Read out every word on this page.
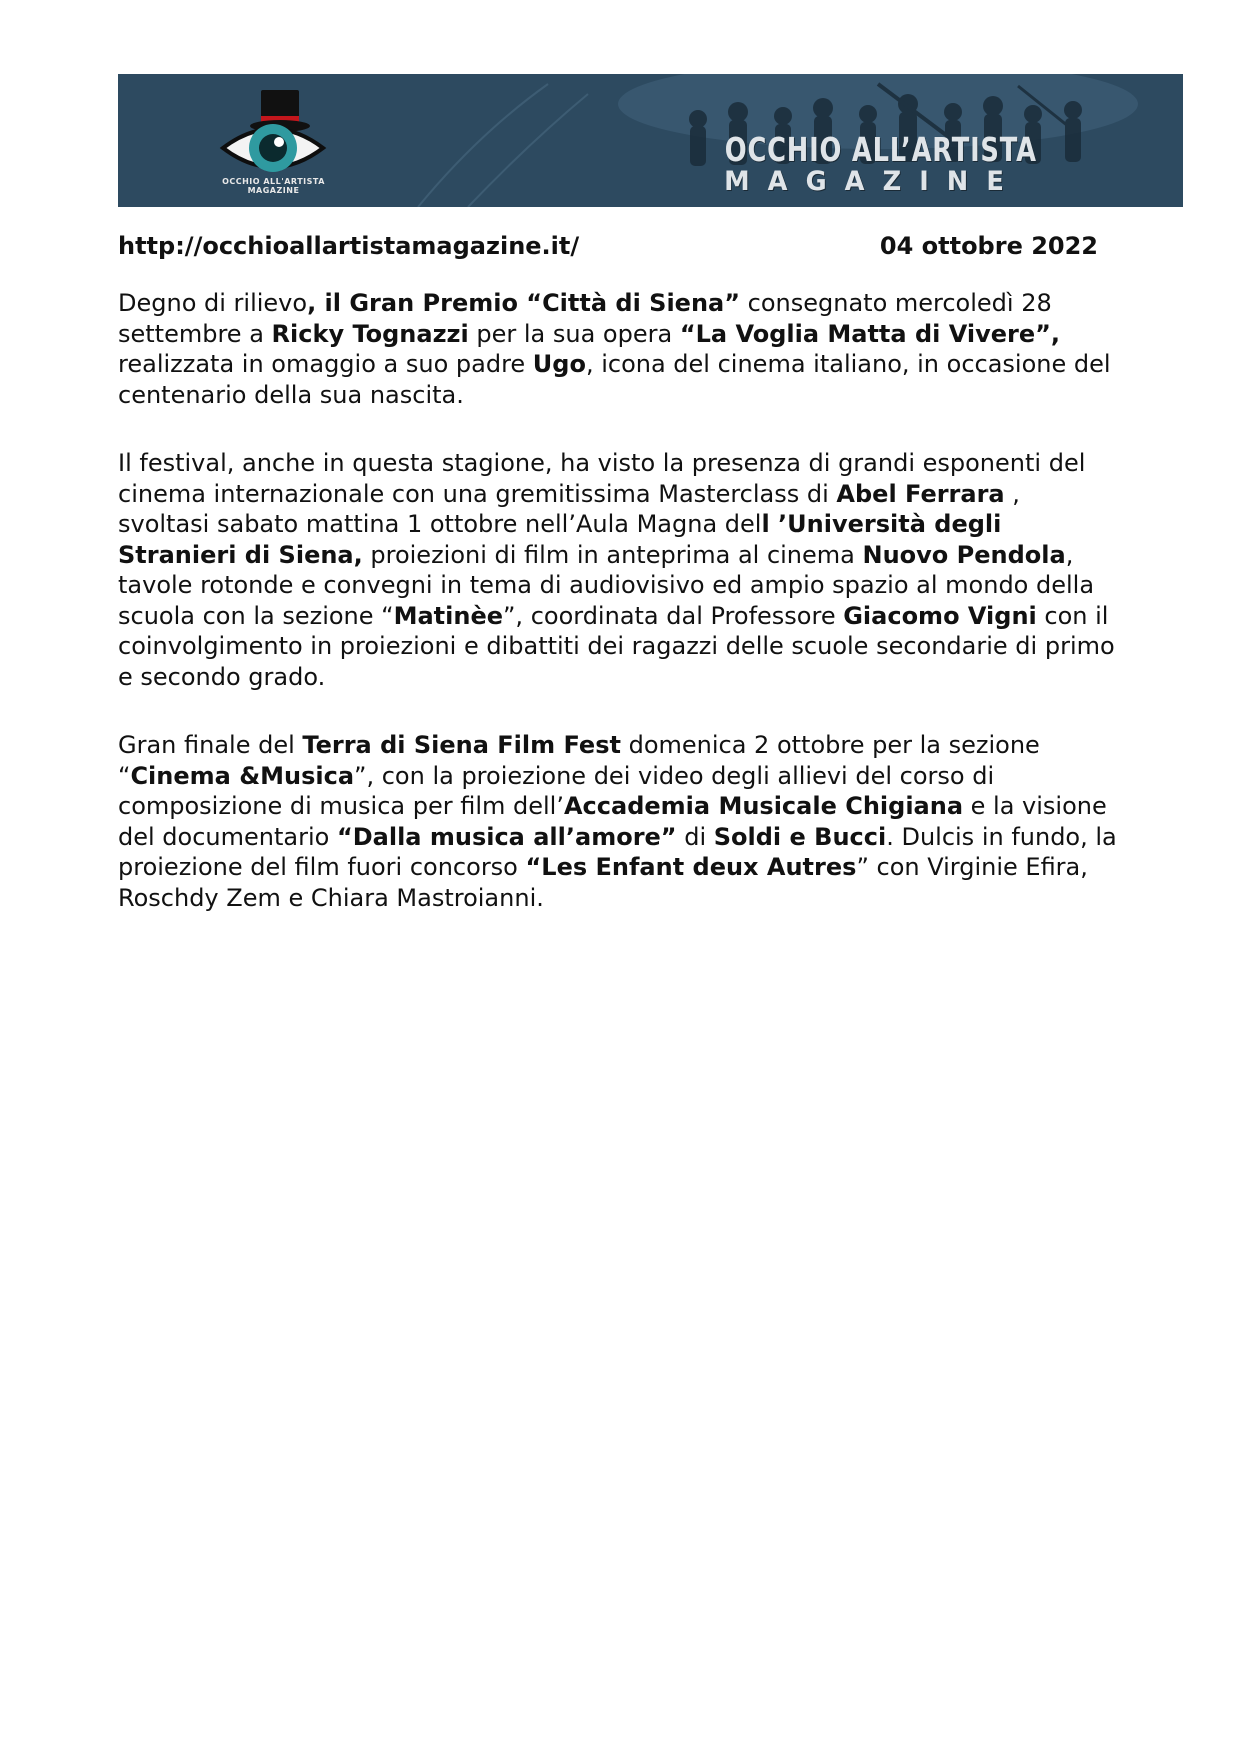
OCCHIO ALL'ARTISTA
MAGAZINE
OCCHIO ALL’ARTISTA
MAGAZINE
http://occhioallartistamagazine.it/	04 ottobre 2022

Degno di rilievo, il Gran Premio “Città di Siena” consegnato mercoledì 28 settembre a Ricky Tognazzi per la sua opera “La Voglia Matta di Vivere”, realizzata in omaggio a suo padre Ugo, icona del cinema italiano, in occasione del centenario della sua nascita.

Il festival, anche in questa stagione, ha visto la presenza di grandi esponenti del cinema internazionale con una gremitissima Masterclass di Abel Ferrara , svoltasi sabato mattina 1 ottobre nell’Aula Magna dell ’Università degli Stranieri di Siena, proiezioni di film in anteprima al cinema Nuovo Pendola, tavole rotonde e convegni in tema di audiovisivo ed ampio spazio al mondo della scuola con la sezione “Matinèe”, coordinata dal Professore Giacomo Vigni con il coinvolgimento in proiezioni e dibattiti dei ragazzi delle scuole secondarie di primo e secondo grado.

Gran finale del Terra di Siena Film Fest domenica 2 ottobre per la sezione “Cinema &Musica”, con la proiezione dei video degli allievi del corso di composizione di musica per film dell’Accademia Musicale Chigiana e la visione del documentario “Dalla musica all’amore” di Soldi e Bucci. Dulcis in fundo, la proiezione del film fuori concorso “Les Enfant deux Autres” con Virginie Efira, Roschdy Zem e Chiara Mastroianni.
